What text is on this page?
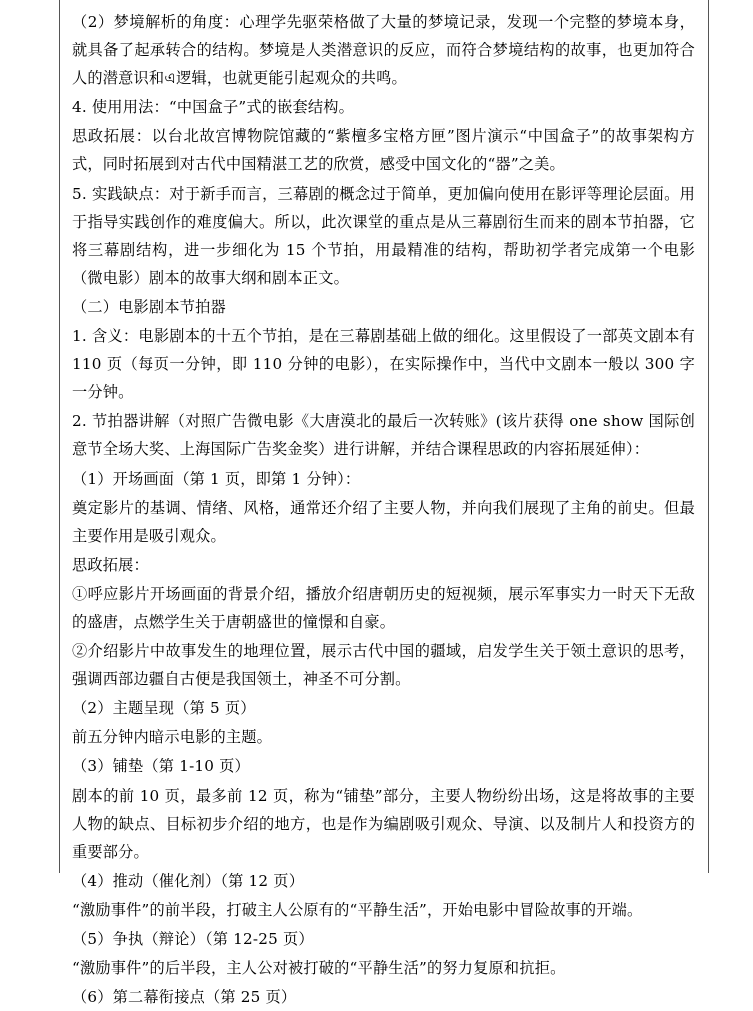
（2）梦境解析的角度：心理学先驱荣格做了大量的梦境记录，发现一个完整的梦境本身，就具备了起承转合的结构。梦境是人类潜意识的反应，而符合梦境结构的故事，也更加符合人的潜意识和এ逻辑，也就更能引起观众的共鸣。

4. 使用用法：“中国盒子”式的嵌套结构。

思政拓展：以台北故宫博物院馆藏的“紫檀多宝格方匣”图片演示“中国盒子”的故事架构方式，同时拓展到对古代中国精湛工艺的欣赏，感受中国文化的“器”之美。

5. 实践缺点：对于新手而言，三幕剧的概念过于简单，更加偏向使用在影评等理论层面。用于指导实践创作的难度偏大。所以，此次课堂的重点是从三幕剧衍生而来的剧本节拍器，它将三幕剧结构，进一步细化为 15 个节拍，用最精准的结构，帮助初学者完成第一个电影（微电影）剧本的故事大纲和剧本正文。

（二）电影剧本节拍器

1. 含义：电影剧本的十五个节拍，是在三幕剧基础上做的细化。这里假设了一部英文剧本有 110 页（每页一分钟，即 110 分钟的电影），在实际操作中，当代中文剧本一般以 300 字一分钟。

2. 节拍器讲解（对照广告微电影《大唐漠北的最后一次转账》(该片获得 one show 国际创意节全场大奖、上海国际广告奖金奖）进行讲解，并结合课程思政的内容拓展延伸）：

（1）开场画面（第 1 页，即第 1 分钟）：

奠定影片的基调、情绪、风格，通常还介绍了主要人物，并向我们展现了主角的前史。但最主要作用是吸引观众。

思政拓展：

①呼应影片开场画面的背景介绍，播放介绍唐朝历史的短视频，展示军事实力一时天下无敌的盛唐，点燃学生关于唐朝盛世的憧憬和自豪。

②介绍影片中故事发生的地理位置，展示古代中国的疆域，启发学生关于领土意识的思考，强调西部边疆自古便是我国领土，神圣不可分割。

（2）主题呈现（第 5 页）

前五分钟内暗示电影的主题。

（3）铺垫（第 1-10 页）

剧本的前 10 页，最多前 12 页，称为“铺垫”部分，主要人物纷纷出场，这是将故事的主要人物的缺点、目标初步介绍的地方，也是作为编剧吸引观众、导演、以及制片人和投资方的重要部分。

（4）推动（催化剂）（第 12 页）

“激励事件”的前半段，打破主人公原有的“平静生活”，开始电影中冒险故事的开端。

（5）争执（辩论）（第 12-25 页）

“激励事件”的后半段，主人公对被打破的“平静生活”的努力复原和抗拒。

（6）第二幕衔接点（第 25 页）
